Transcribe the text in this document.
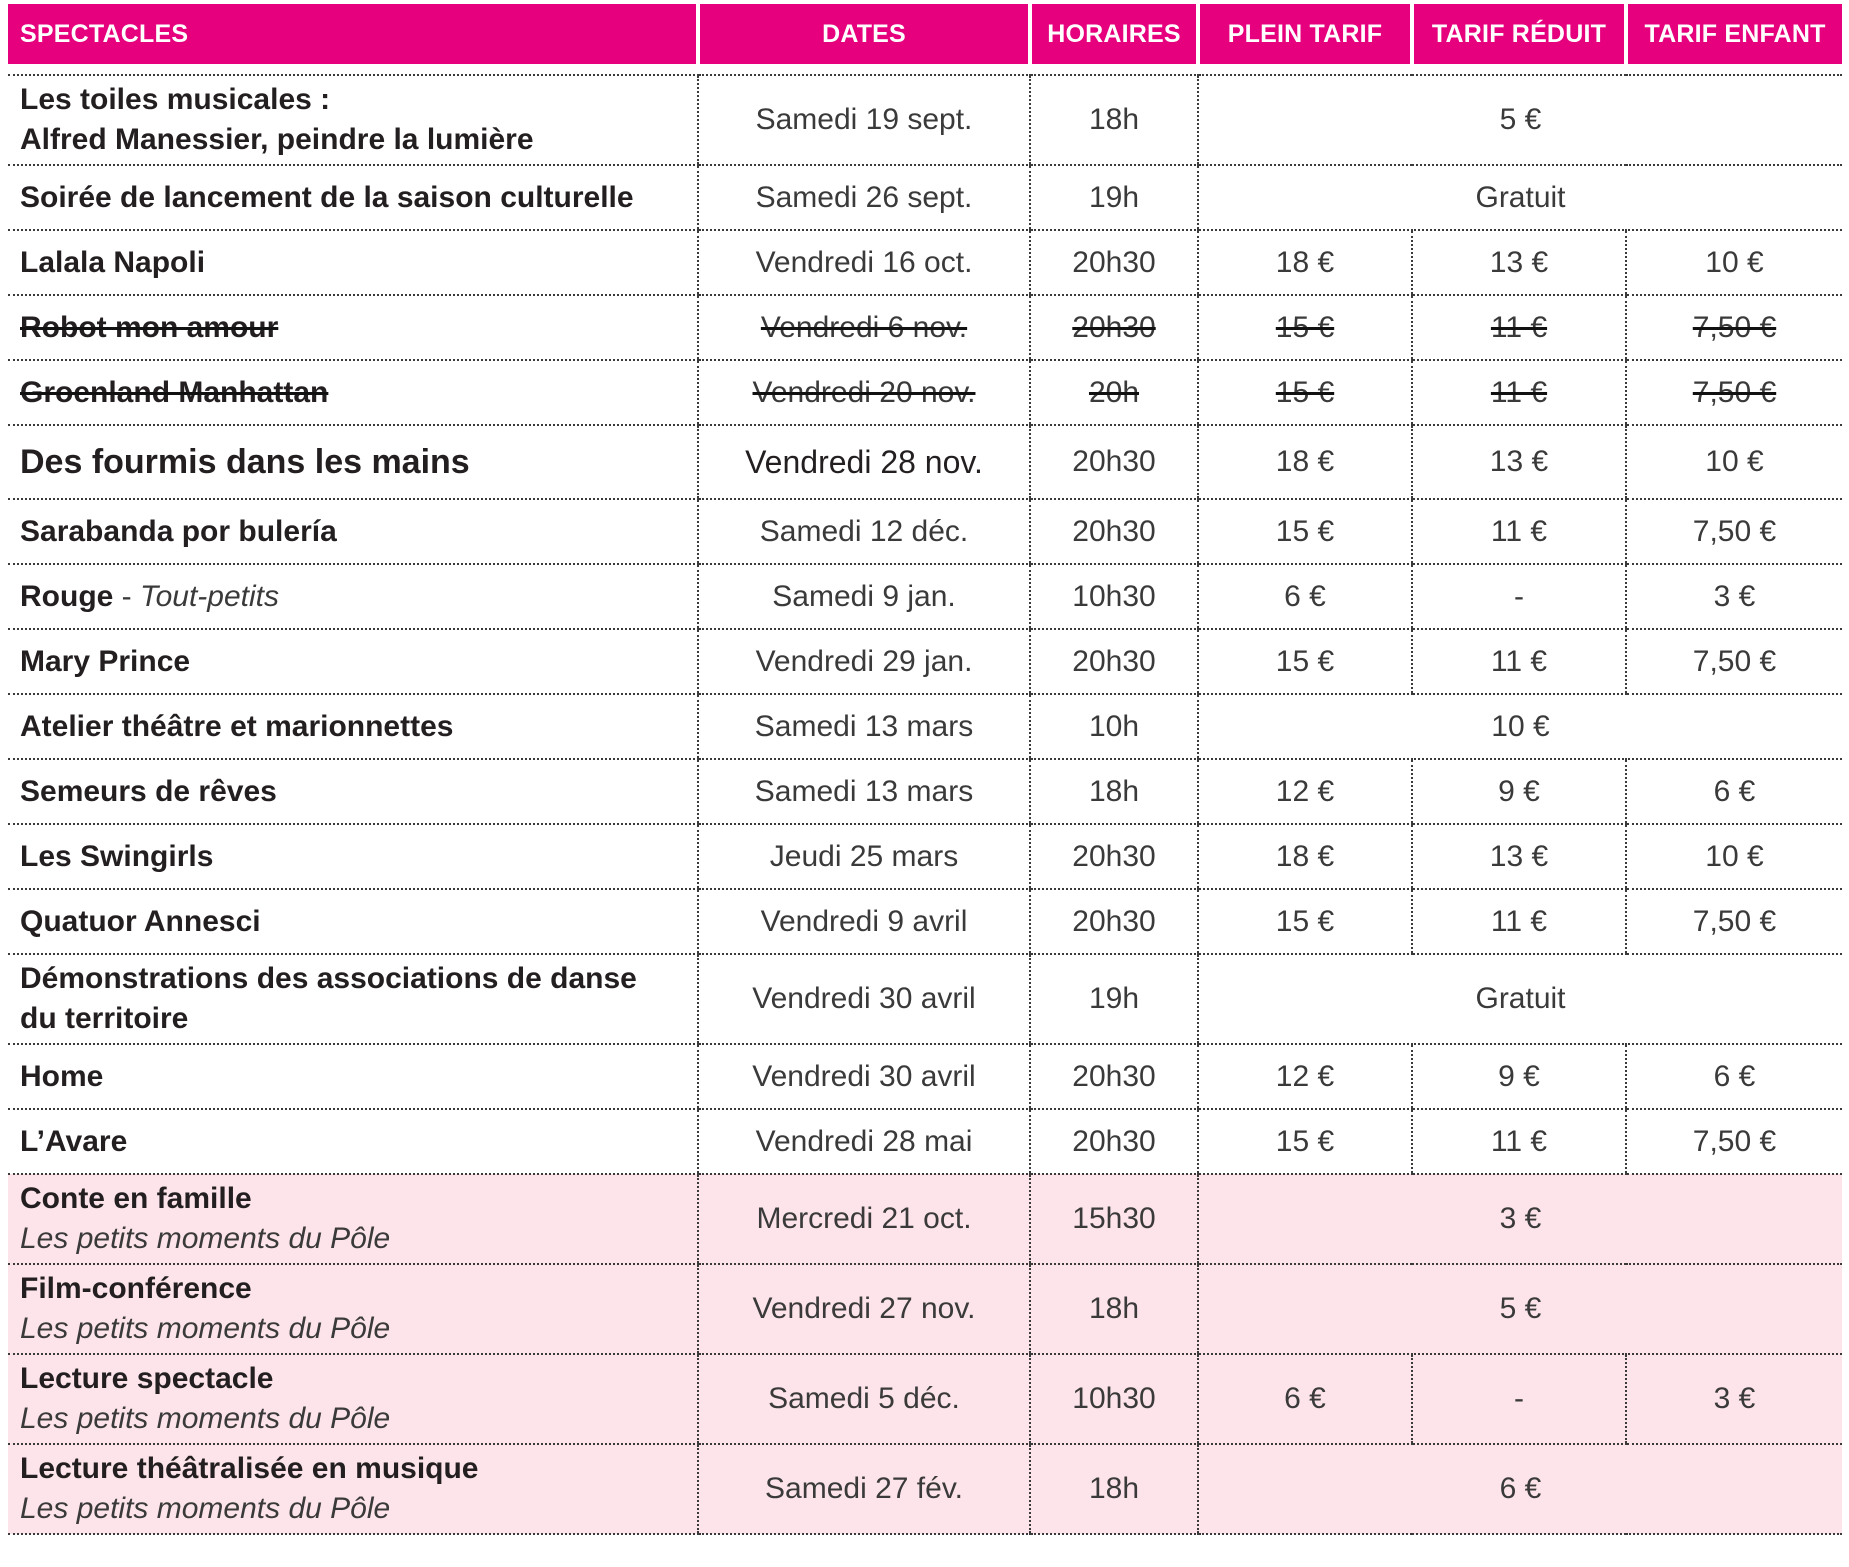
SPECTACLES	DATES	HORAIRES	PLEIN TARIF	TARIF RÉDUIT	TARIF ENFANT

Les toiles musicales :
Alfred Manessier, peindre la lumière	Samedi 19 sept.	18h	5 €		
Soirée de lancement de la saison culturelle	Samedi 26 sept.	19h	Gratuit		
Lalala Napoli	Vendredi 16 oct.	20h30	18 €	13 €	10 €
Robot mon amour	Vendredi 6 nov.	20h30	15 €	11 €	7,50 €
Groenland Manhattan	Vendredi 20 nov.	20h	15 €	11 €	7,50 €
Des fourmis dans les mains	Vendredi 28 nov.	20h30	18 €	13 €	10 €
Sarabanda por bulería	Samedi 12 déc.	20h30	15 €	11 €	7,50 €
Rouge - Tout-petits	Samedi 9 jan.	10h30	6 €	-	3 €
Mary Prince	Vendredi 29 jan.	20h30	15 €	11 €	7,50 €
Atelier théâtre et marionnettes	Samedi 13 mars	10h	10 €		
Semeurs de rêves	Samedi 13 mars	18h	12 €	9 €	6 €
Les Swingirls	Jeudi 25 mars	20h30	18 €	13 €	10 €
Quatuor Annesci	Vendredi 9 avril	20h30	15 €	11 €	7,50 €
Démonstrations des associations de danse
du territoire	Vendredi 30 avril	19h	Gratuit		
Home	Vendredi 30 avril	20h30	12 €	9 €	6 €
L’Avare	Vendredi 28 mai	20h30	15 €	11 €	7,50 €
Conte en famille
Les petits moments du Pôle	Mercredi 21 oct.	15h30	3 €		
Film-conférence
Les petits moments du Pôle	Vendredi 27 nov.	18h	5 €		
Lecture spectacle
Les petits moments du Pôle	Samedi 5 déc.	10h30	6 €	-	3 €
Lecture théâtralisée en musique
Les petits moments du Pôle	Samedi 27 fév.	18h	6 €		
